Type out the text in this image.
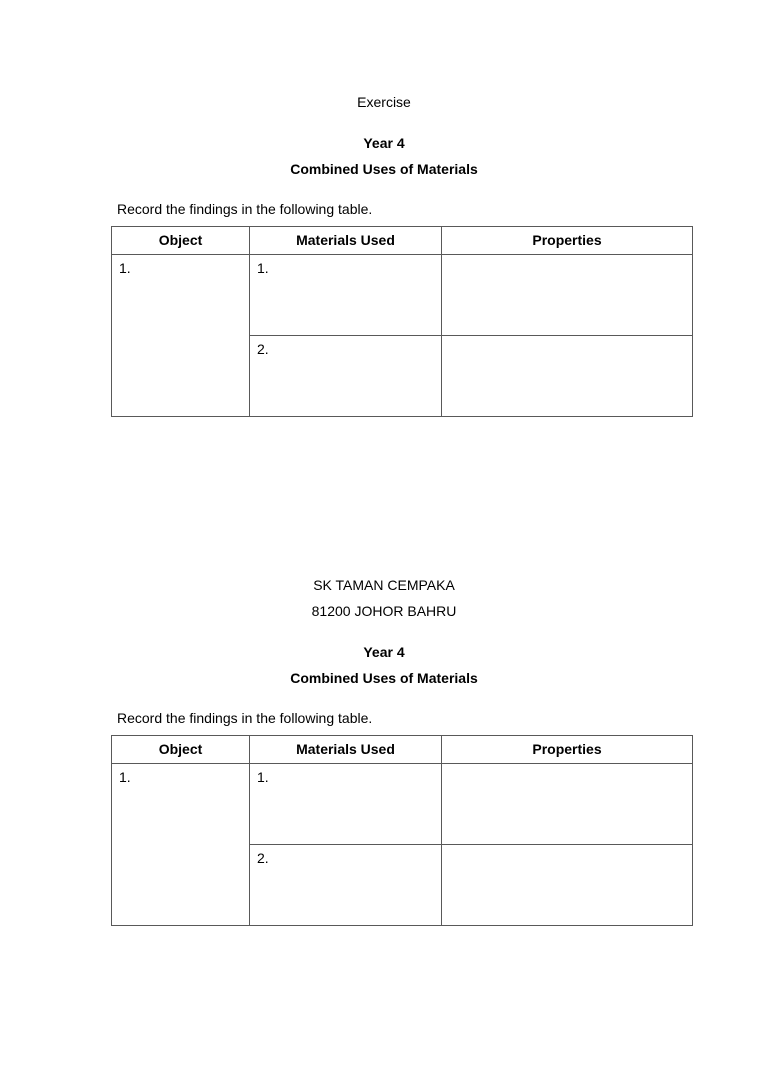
Exercise
Year 4
Combined Uses of Materials
Record the findings in the following table.
Object	Materials Used	Properties

1.	1.	

	2.	

SK TAMAN CEMPAKA
81200 JOHOR BAHRU
Year 4
Combined Uses of Materials
Record the findings in the following table.
Object	Materials Used	Properties

1.	1.	

	2.	
